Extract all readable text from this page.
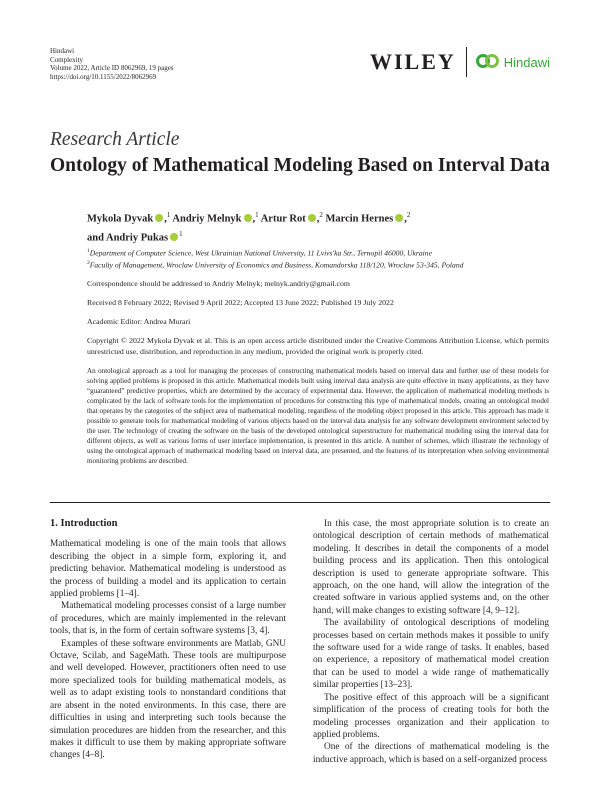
Hindawi
Complexity
Volume 2022, Article ID 8062969, 19 pages
https://doi.org/10.1155/2022/8062969
WILEY	Hindawi
Research Article
Ontology of Mathematical Modeling Based on Interval Data
Mykola Dyvak ,$^1$ Andriy Melnyk ,$^1$ Artur Rot ,$^2$ Marcin Hernes ,$^2$
and Andriy Pukas $^1$
$^1$Department of Computer Science, West Ukrainian National University, 11 Lvivs'ka Str., Ternopil 46000, Ukraine
$^2$Faculty of Management, Wroclaw University of Economics and Business, Komandorska 118/120, Wroclaw 53-345, Poland
Correspondence should be addressed to Andriy Melnyk; melnyk.andriy@gmail.com
Received 8 February 2022; Revised 9 April 2022; Accepted 13 June 2022; Published 19 July 2022
Academic Editor: Andrea Murari
Copyright © 2022 Mykola Dyvak et al. This is an open access article distributed under the Creative Commons Attribution License, which permits unrestricted use, distribution, and reproduction in any medium, provided the original work is properly cited.
An ontological approach as a tool for managing the processes of constructing mathematical models based on interval data and further use of these models for solving applied problems is proposed in this article. Mathematical models built using interval data analysis are quite effective in many applications, as they have “guaranteed” predictive properties, which are determined by the accuracy of experimental data. However, the application of mathematical modeling methods is complicated by the lack of software tools for the implementation of procedures for constructing this type of mathematical models, creating an ontological model that operates by the categories of the subject area of mathematical modeling, regardless of the modeling object proposed in this article. This approach has made it possible to generate tools for mathematical modeling of various objects based on the interval data analysis for any software development environment selected by the user. The technology of creating the software on the basis of the developed ontological superstructure for mathematical modeling using the interval data for different objects, as well as various forms of user interface implementation, is presented in this article. A number of schemes, which illustrate the technology of using the ontological approach of mathematical modeling based on interval data, are presented, and the features of its interpretation when solving environmental monitoring problems are described.
1. Introduction

Mathematical modeling is one of the main tools that allows describing the object in a simple form, exploring it, and predicting behavior. Mathematical modeling is understood as the process of building a model and its application to certain applied problems [1–4].

Mathematical modeling processes consist of a large number of procedures, which are mainly implemented in the relevant tools, that is, in the form of certain software systems [3, 4].

Examples of these software environments are Matlab, GNU Octave, Scilab, and SageMath. These tools are multipurpose and well developed. However, practitioners often need to use more specialized tools for building mathematical models, as well as to adapt existing tools to nonstandard conditions that are absent in the noted environments. In this case, there are difficulties in using and interpreting such tools because the simulation procedures are hidden from the researcher, and this makes it difficult to use them by making appropriate software changes [4–8].

In this case, the most appropriate solution is to create an ontological description of certain methods of mathematical modeling. It describes in detail the components of a model building process and its application. Then this ontological description is used to generate appropriate software. This approach, on the one hand, will allow the integration of the created software in various applied systems and, on the other hand, will make changes to existing software [4, 9–12].

The availability of ontological descriptions of modeling processes based on certain methods makes it possible to unify the software used for a wide range of tasks. It enables, based on experience, a repository of mathematical model creation that can be used to model a wide range of mathematically similar properties [13–23].

The positive effect of this approach will be a significant simplification of the process of creating tools for both the modeling processes organization and their application to applied problems.

One of the directions of mathematical modeling is the inductive approach, which is based on a self-organized process
